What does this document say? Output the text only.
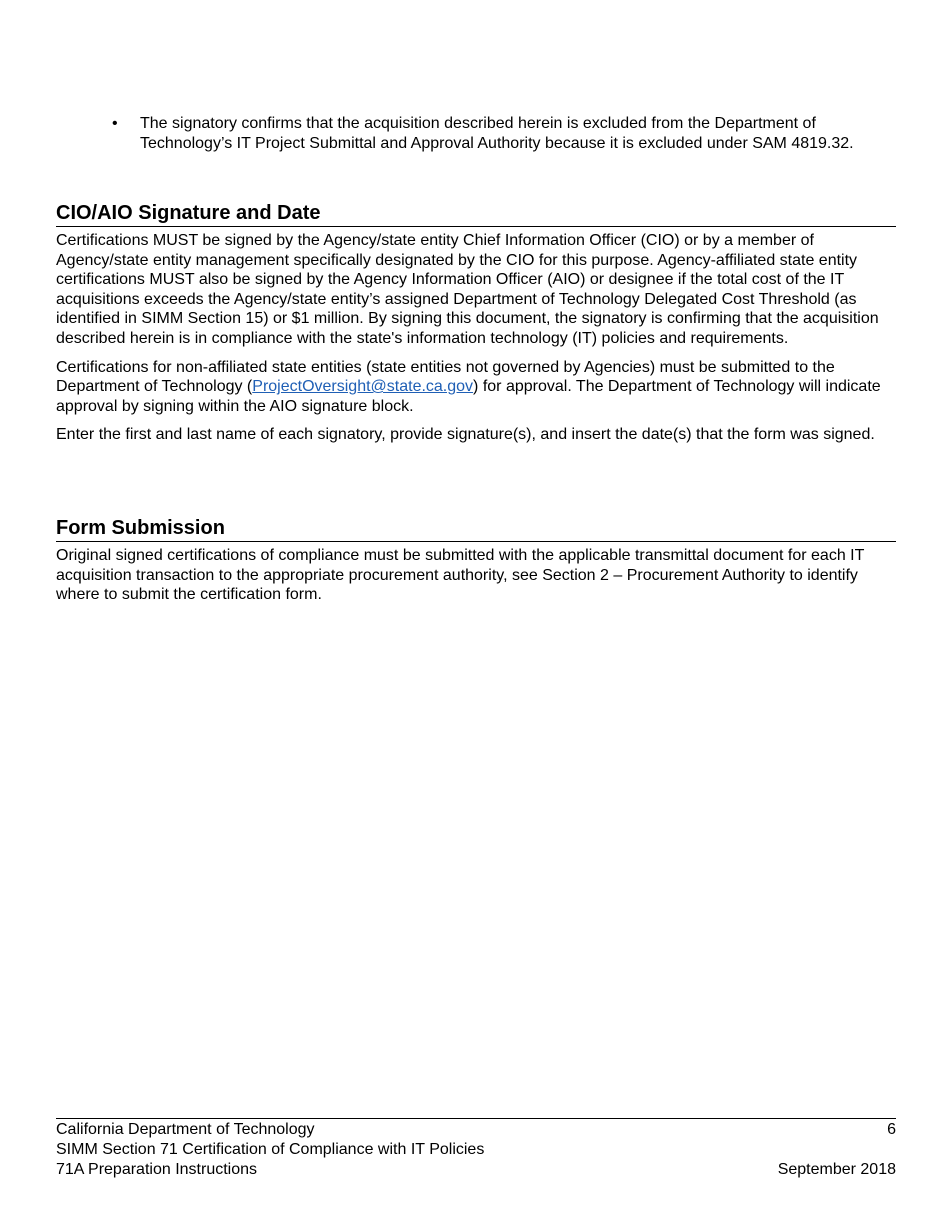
•	The signatory confirms that the acquisition described herein is excluded from the Department of Technology’s IT Project Submittal and Approval Authority because it is excluded under SAM 4819.32.
CIO/AIO Signature and Date

Certifications MUST be signed by the Agency/state entity Chief Information Officer (CIO) or by a member of Agency/state entity management specifically designated by the CIO for this purpose. Agency-affiliated state entity certifications MUST also be signed by the Agency Information Officer (AIO) or designee if the total cost of the IT acquisitions exceeds the Agency/state entity’s assigned Department of Technology Delegated Cost Threshold (as identified in SIMM Section 15) or $1 million. By signing this document, the signatory is confirming that the acquisition described herein is in compliance with the state's information technology (IT) policies and requirements.

Certifications for non-affiliated state entities (state entities not governed by Agencies) must be submitted to the Department of Technology (ProjectOversight@state.ca.gov) for approval. The Department of Technology will indicate approval by signing within the AIO signature block.

Enter the first and last name of each signatory, provide signature(s), and insert the date(s) that the form was signed.

Form Submission

Original signed certifications of compliance must be submitted with the applicable transmittal document for each IT acquisition transaction to the appropriate procurement authority, see Section 2 – Procurement Authority to identify where to submit the certification form.

California Department of Technology	6
SIMM Section 71 Certification of Compliance with IT Policies
71A Preparation Instructions	September 2018
